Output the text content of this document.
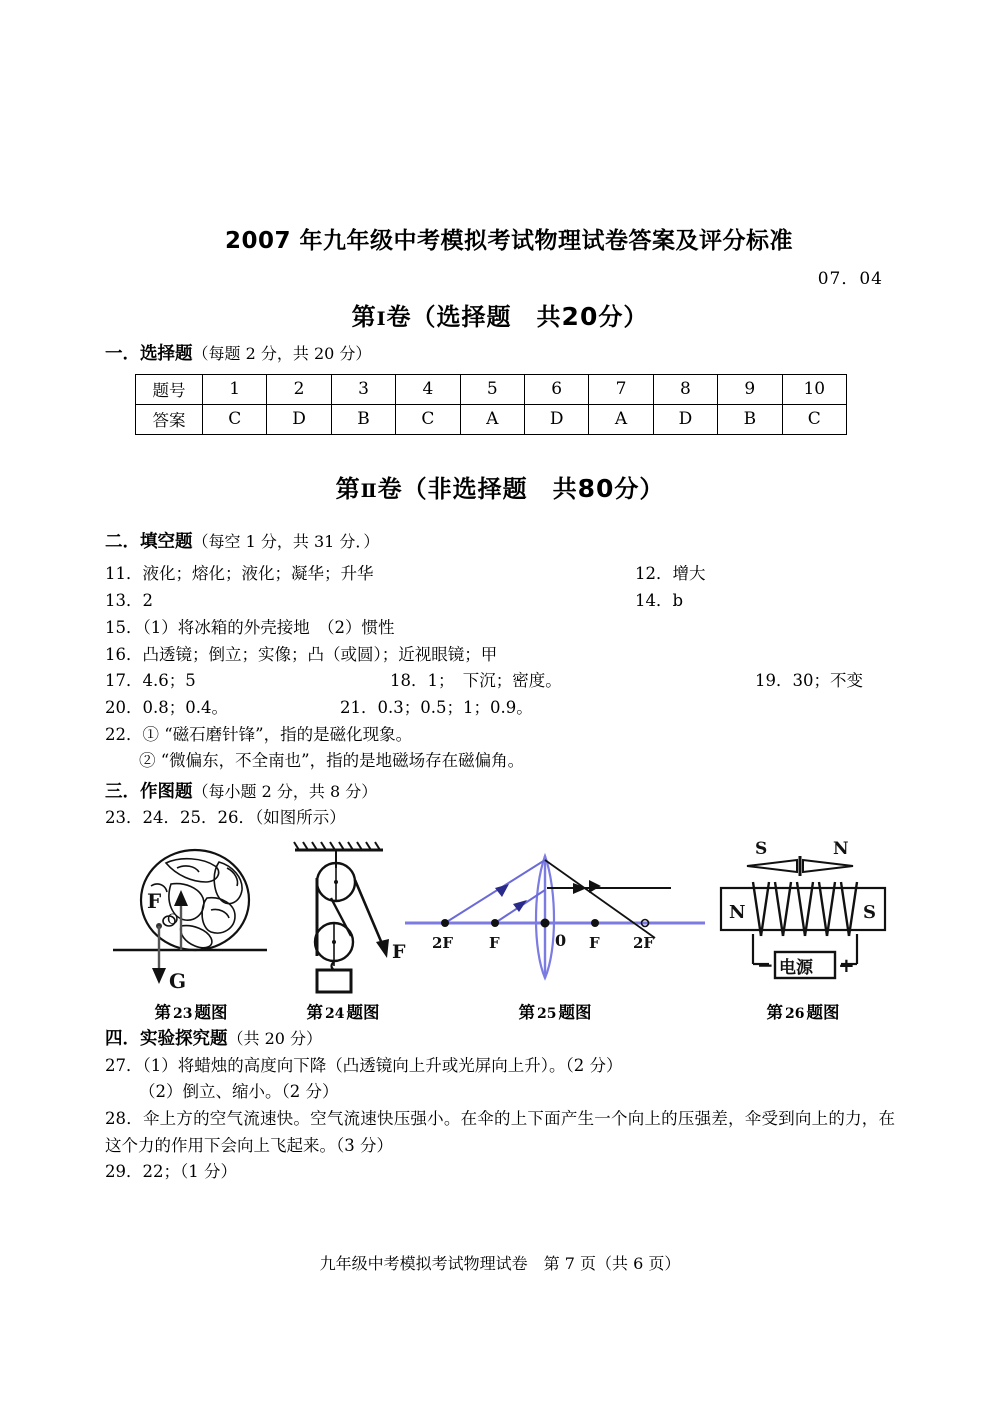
2007 年九年级中考模拟考试物理试卷答案及评分标准
07．04
第Ⅰ卷（选择题　共20分）
一．选择题（每题 2 分，共 20 分）
题号	1	2	3	4	5	6	7	8	9	10
答案	C	D	B	C	A	D	A	D	B	C
第Ⅱ卷（非选择题　共80分）
二．填空题（每空 1 分，共 31 分．）
11．液化；熔化；液化；凝华；升华	12．增大
13．2	14．b
15．（1）将冰箱的外壳接地　（2）惯性
16．凸透镜；倒立；实像；凸（或圆）；近视眼镜；甲
17．4.6；5	18．1；　下沉；密度。	19．30；不变
20．0.8；0.4。	21．0.3；0.5；1；0.9。
22．① “磁石磨针锋”，指的是磁化现象。
② “微偏东，不全南也”，指的是地磁场存在磁偏角。
三．作图题（每小题 2 分，共 8 分）
23．24．25．26．（如图所示）
F
O
G
第 23 题图
F
第 24 题图
2F F	0 F 2F
第 25 题图
S	N
N	S
电源
−	+
第 26 题图
四．实验探究题（共 20 分）
27．（1）将蜡烛的高度向下降（凸透镜向上升或光屏向上升）。（2 分）
（2）倒立、缩小。（2 分）
28．伞上方的空气流速快。空气流速快压强小。在伞的上下面产生一个向上的压强差，伞受到向上的力，在这个力的作用下会向上飞起来。（3 分）
29．22；（1 分）
九年级中考模拟考试物理试卷 第 7 页（共 6 页）
